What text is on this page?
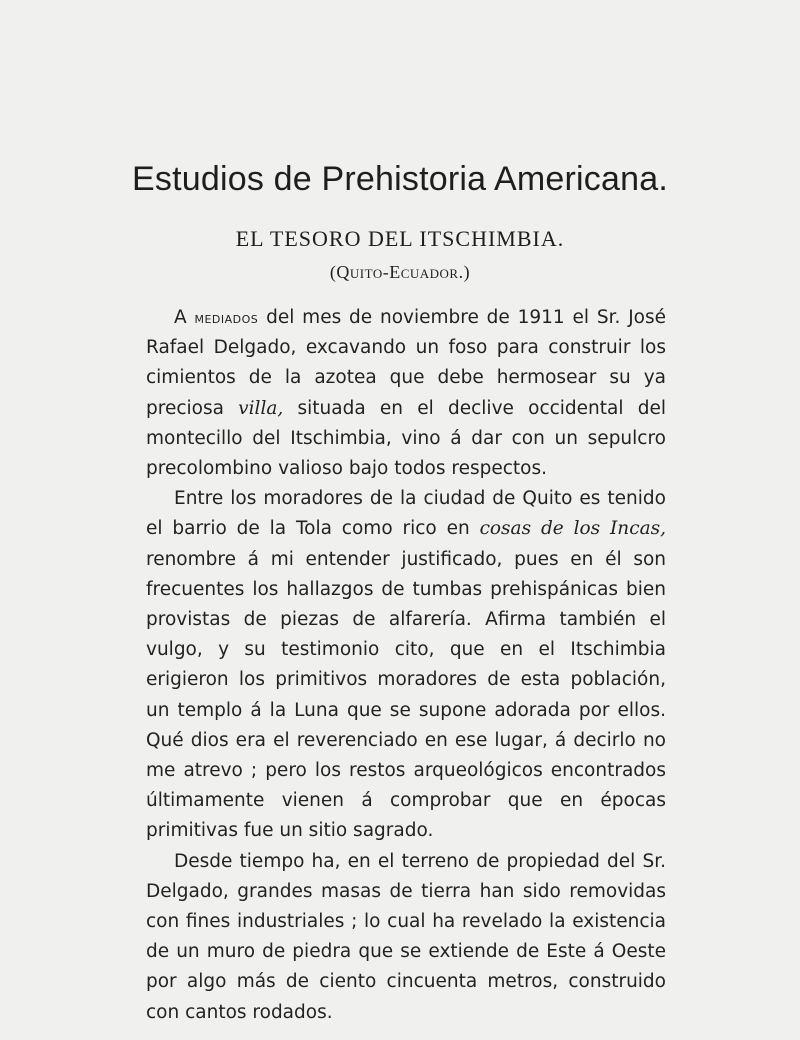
Estudios de Prehistoria Americana.
EL TESORO DEL ITSCHIMBIA.
(Quito-Ecuador.)

A mediados del mes de noviembre de 1911 el Sr. José Rafael Delgado, excavando un foso para construir los cimientos de la azotea que debe hermosear su ya preciosa villa, situada en el declive occidental del montecillo del Itschimbia, vino á dar con un sepulcro precolombino valioso bajo todos respectos.

Entre los moradores de la ciudad de Quito es tenido el barrio de la Tola como rico en cosas de los Incas, renombre á mi entender justificado, pues en él son frecuentes los hallazgos de tumbas prehispánicas bien provistas de piezas de alfarería. Afirma también el vulgo, y su testimonio cito, que en el Itschimbia erigieron los primitivos moradores de esta población, un templo á la Luna que se supone adorada por ellos. Qué dios era el reverenciado en ese lugar, á decirlo no me atrevo ; pero los restos arqueológicos encontrados últimamente vienen á comprobar que en épocas primitivas fue un sitio sagrado.

Desde tiempo ha, en el terreno de propiedad del Sr. Delgado, grandes masas de tierra han sido removidas con fines industriales ; lo cual ha revelado la existencia de un muro de piedra que se extiende de Este á Oeste por algo más de ciento cincuenta metros, construido con cantos rodados.
